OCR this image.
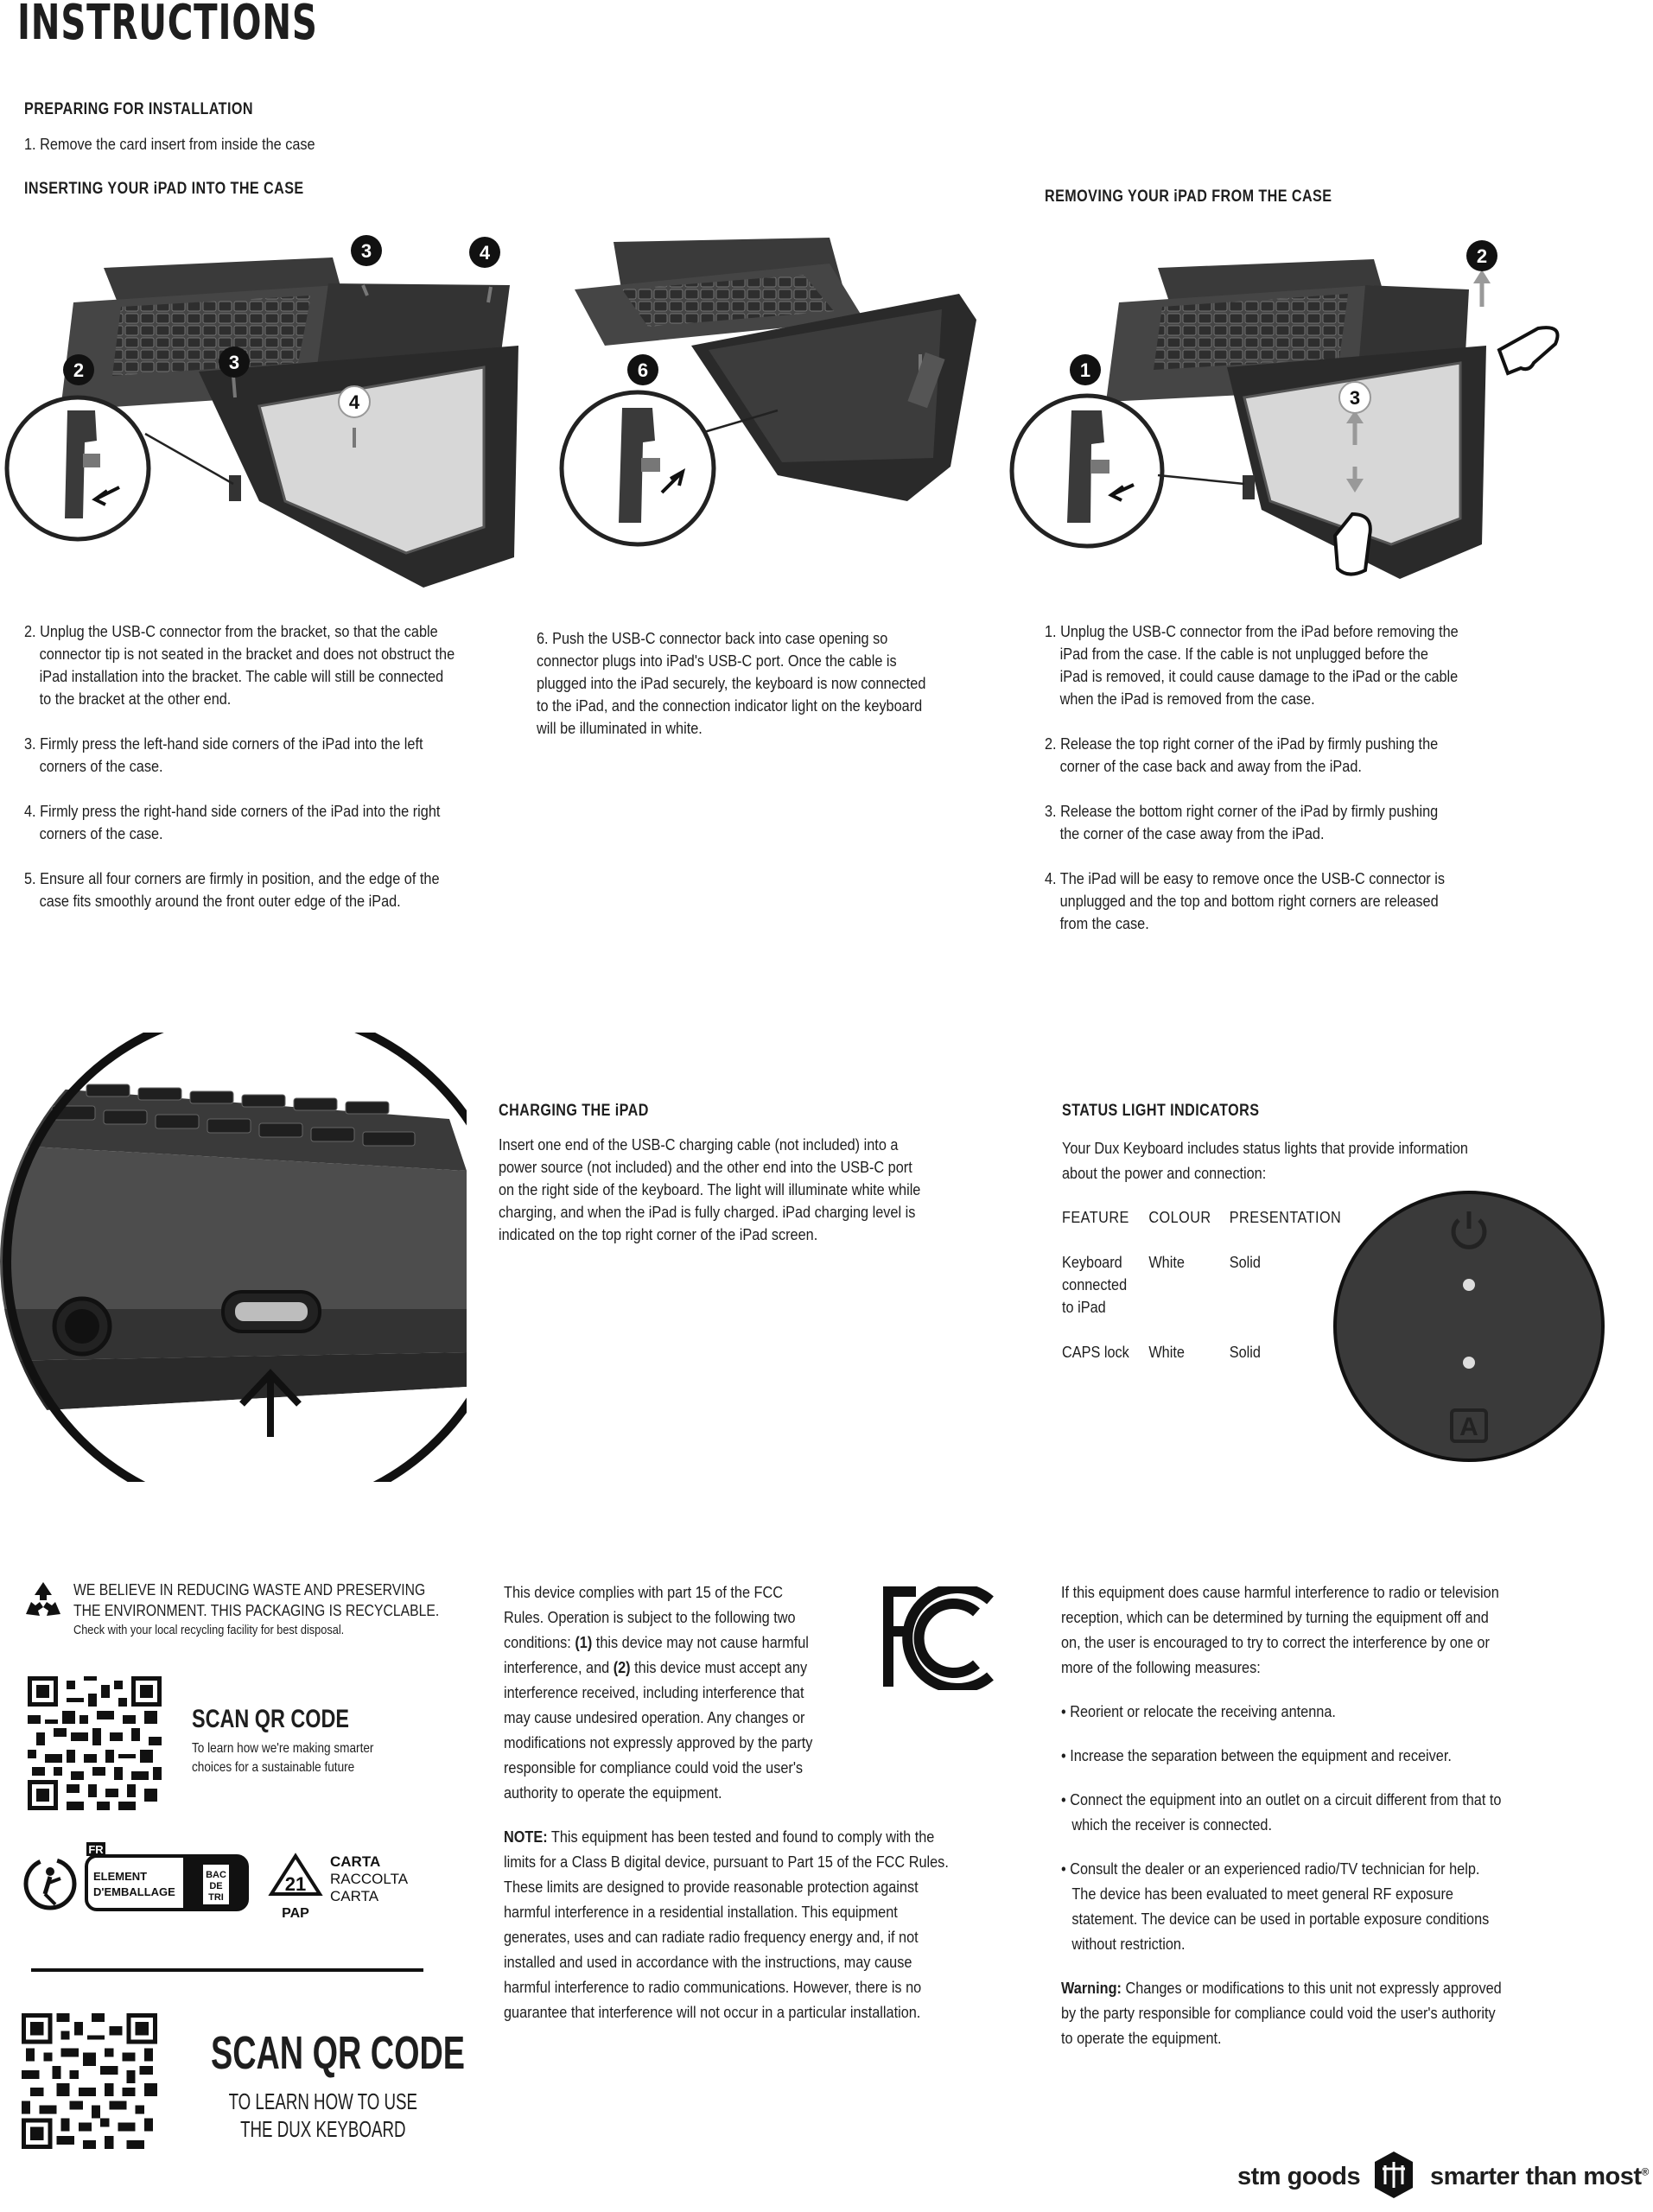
INSTRUCTIONS
PREPARING FOR INSTALLATION
1. Remove the card insert from inside the case
INSERTING YOUR iPAD INTO THE CASE	REMOVING YOUR iPAD FROM THE CASE
3	4
2	3
4
6
2
1
3

2. Unplug the USB-C connector from the bracket, so that the cable connector tip is not seated in the bracket and does not obstruct the iPad installation into the bracket. The cable will still be connected to the bracket at the other end.

3. Firmly press the left-hand side corners of the iPad into the left corners of the case.

4. Firmly press the right-hand side corners of the iPad into the right corners of the case.

5. Ensure all four corners are firmly in position, and the edge of the case fits smoothly around the front outer edge of the iPad.

6. Push the USB-C connector back into case opening so connector plugs into iPad's USB-C port. Once the cable is plugged into the iPad securely, the keyboard is now connected to the iPad, and the connection indicator light on the keyboard will be illuminated in white.

1. Unplug the USB-C connector from the iPad before removing the iPad from the case. If the cable is not unplugged before the iPad is removed, it could cause damage to the iPad or the cable when the iPad is removed from the case.

2. Release the top right corner of the iPad by firmly pushing the corner of the case back and away from the iPad.

3. Release the bottom right corner of the iPad by firmly pushing the corner of the case away from the iPad.

4. The iPad will be easy to remove once the USB-C connector is unplugged and the top and bottom right corners are released from the case.

CHARGING THE iPAD
Insert one end of the USB-C charging cable (not included) into a power source (not included) and the other end into the USB-C port on the right side of the keyboard. The light will illuminate white while charging, and when the iPad is fully charged. iPad charging level is indicated on the top right corner of the iPad screen.
STATUS LIGHT INDICATORS
Your Dux Keyboard includes status lights that provide information about the power and connection:
FEATURE	COLOUR	PRESENTATION
Keyboard connected to iPad	White	Solid
CAPS lock	White	Solid
A
WE BELIEVE IN REDUCING WASTE AND PRESERVING
THE ENVIRONMENT. THIS PACKAGING IS RECYCLABLE.
Check with your local recycling facility for best disposal.
SCAN QR CODE
To learn how we're making smarter
choices for a sustainable future
FR
ELEMENT
D'EMBALLAGE
BAC
DE
TRI
21
PAP
CARTA
RACCOLTA
CARTA
SCAN QR CODE
TO LEARN HOW TO USE
THE DUX KEYBOARD
This device complies with part 15 of the FCC Rules. Operation is subject to the following two conditions: (1) this device may not cause harmful interference, and (2) this device must accept any interference received, including interference that may cause undesired operation. Any changes or modifications not expressly approved by the party responsible for compliance could void the user's authority to operate the equipment.
NOTE: This equipment has been tested and found to comply with the limits for a Class B digital device, pursuant to Part 15 of the FCC Rules. These limits are designed to provide reasonable protection against harmful interference in a residential installation. This equipment generates, uses and can radiate radio frequency energy and, if not installed and used in accordance with the instructions, may cause harmful interference to radio communications. However, there is no guarantee that interference will not occur in a particular installation.

If this equipment does cause harmful interference to radio or television reception, which can be determined by turning the equipment off and on, the user is encouraged to try to correct the interference by one or more of the following measures:

• Reorient or relocate the receiving antenna.

• Increase the separation between the equipment and receiver.

• Connect the equipment into an outlet on a circuit different from that to which the receiver is connected.

• Consult the dealer or an experienced radio/TV technician for help. The device has been evaluated to meet general RF exposure statement. The device can be used in portable exposure conditions without restriction.

Warning: Changes or modifications to this unit not expressly approved by the party responsible for compliance could void the user's authority to operate the equipment.

stm goods	smarter than most®
